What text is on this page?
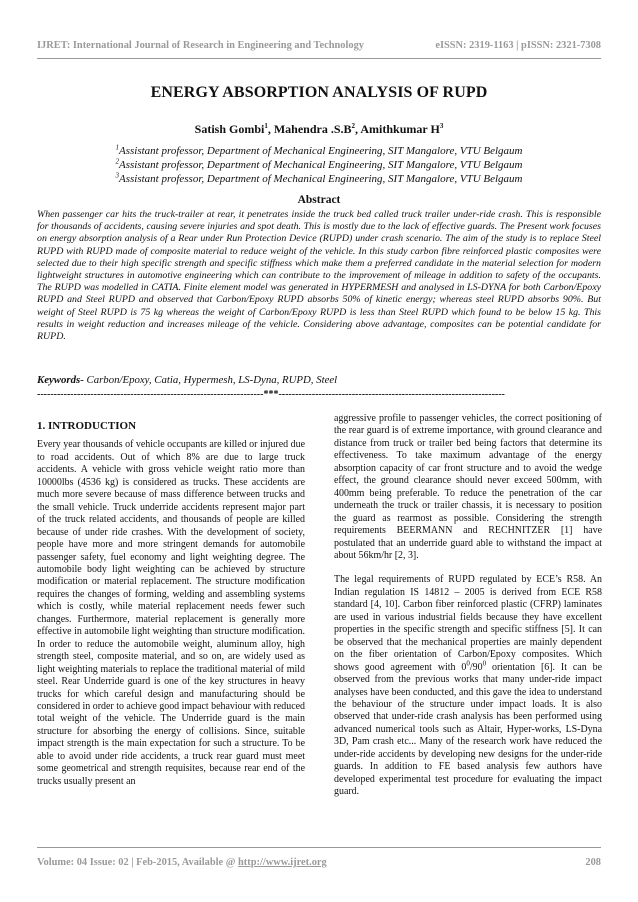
IJRET: International Journal of Research in Engineering and Technology	eISSN: 2319-1163 | pISSN: 2321-7308
ENERGY ABSORPTION ANALYSIS OF RUPD
Satish Gombi$^1$, Mahendra $.S.B^2$, Amithkumar $H^3$
$^1$Assistant professor, Department of Mechanical Engineering, SIT Mangalore, VTU Belgaum
$^2$Assistant professor, Department of Mechanical Engineering, SIT Mangalore, VTU Belgaum
$^3$Assistant professor, Department of Mechanical Engineering, SIT Mangalore, VTU Belgaum
Abstract

When passenger car hits the truck-trailer at rear, it penetrates inside the truck bed called truck trailer under-ride crash. This is responsible for thousands of accidents, causing severe injuries and spot death. This is mostly due to the lack of effective guards. The Present work focuses on energy absorption analysis of a Rear under Run Protection Device (RUPD) under crash scenario. The aim of the study is to replace Steel RUPD with RUPD made of composite material to reduce weight of the vehicle. In this study carbon fibre reinforced plastic composites were selected due to their high specific strength and specific stiffness which make them a preferred candidate in the material selection for modern lightweight structures in automotive engineering which can contribute to the improvement of mileage in addition to safety of the occupants. The RUPD was modelled in CATIA. Finite element model was generated in HYPERMESH and analysed in LS-DYNA for both Carbon/Epoxy RUPD and Steel RUPD and observed that Carbon/Epoxy RUPD absorbs 50% of kinetic energy; whereas steel RUPD absorbs 90%. But weight of Steel RUPD is 75 kg whereas the weight of Carbon/Epoxy RUPD is less than Steel RUPD which found to be below 15 kg. This results in weight reduction and increases mileage of the vehicle. Considering above advantage, composites can be potential candidate for RUPD.

Keywords- Carbon/Epoxy, Catia, Hypermesh, LS-Dyna, RUPD, Steel
--------------------------------------------------------------------***--------------------------------------------------------------------
1. INTRODUCTION

Every year thousands of vehicle occupants are killed or injured due to road accidents. Out of which 8% are due to large truck accidents. A vehicle with gross vehicle weight ratio more than 10000lbs (4536 kg) is considered as trucks. These accidents are much more severe because of mass difference between trucks and the small vehicle. Truck underride accidents represent major part of the truck related accidents, and thousands of people are killed because of under ride crashes. With the development of society, people have more and more stringent demands for automobile passenger safety, fuel economy and light weighting degree. The automobile body light weighting can be achieved by structure modification or material replacement. The structure modification requires the changes of forming, welding and assembling systems which is costly, while material replacement needs fewer such changes. Furthermore, material replacement is generally more effective in automobile light weighting than structure modification. In order to reduce the automobile weight, aluminum alloy, high strength steel, composite material, and so on, are widely used as light weighting materials to replace the traditional material of mild steel. Rear Underride guard is one of the key structures in heavy trucks for which careful design and manufacturing should be considered in order to achieve good impact behaviour with reduced total weight of the vehicle. The Underride guard is the main structure for absorbing the energy of collisions. Since, suitable impact strength is the main expectation for such a structure. To be able to avoid under ride accidents, a truck rear guard must meet some geometrical and strength requisites, because rear end of the trucks usually present an

aggressive profile to passenger vehicles, the correct positioning of the rear guard is of extreme importance, with ground clearance and distance from truck or trailer bed being factors that determine its effectiveness. To take maximum advantage of the energy absorption capacity of car front structure and to avoid the wedge effect, the ground clearance should never exceed 500mm, with 400mm being preferable. To reduce the penetration of the car underneath the truck or trailer chassis, it is necessary to position the guard as rearmost as possible. Considering the strength requirements BEERMANN and RECHNITZER [1] have postulated that an underride guard able to withstand the impact at about 56km/hr [2, 3].

The legal requirements of RUPD regulated by ECE’s R58. An Indian regulation IS 14812 – 2005 is derived from ECE R58 standard [4, 10]. Carbon fiber reinforced plastic (CFRP) laminates are used in various industrial fields because they have excellent properties in the specific strength and specific stiffness [5]. It can be observed that the mechanical properties are mainly dependent on the fiber orientation of Carbon/Epoxy composites. Which shows good agreement with $0^0/90^0$ orientation [6]. It can be observed from the previous works that many under-ride impact analyses have been conducted, and this gave the idea to understand the behaviour of the structure under impact loads. It is also observed that under-ride crash analysis has been performed using advanced numerical tools such as Altair, Hyper-works, LS-Dyna 3D, Pam crash etc... Many of the research work have reduced the under-ride accidents by developing new designs for the under-ride guards. In addition to FE based analysis few authors have developed experimental test procedure for evaluating the impact guard.

Volume: 04 Issue: 02 | Feb-2015, Available @ http://www.ijret.org	208
